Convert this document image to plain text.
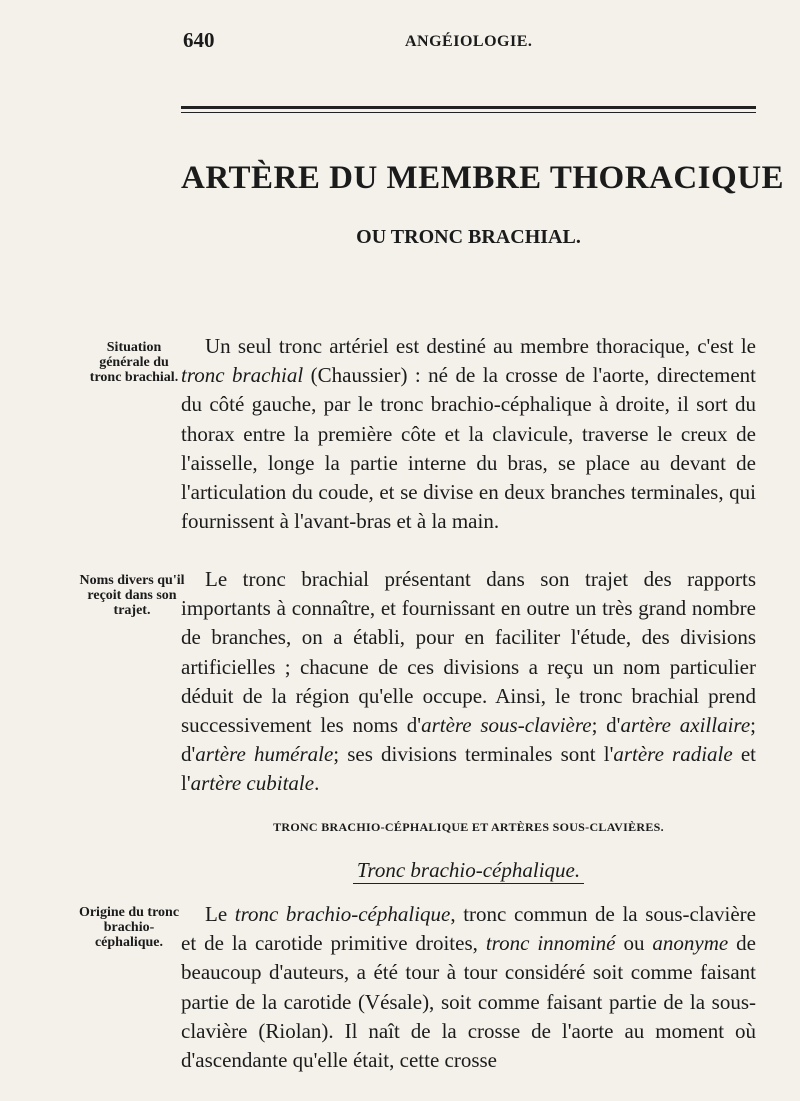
640	ANGÉIOLOGIE.
ARTÈRE DU MEMBRE THORACIQUE
OU TRONC BRACHIAL.
Situation générale du tronc brachial.
Noms divers qu'il reçoit dans son trajet.
Origine du tronc brachio-céphalique.

Un seul tronc artériel est destiné au membre thoracique, c'est le tronc brachial (Chaussier) : né de la crosse de l'aorte, directement du côté gauche, par le tronc brachio-céphalique à droite, il sort du thorax entre la première côte et la clavicule, traverse le creux de l'aisselle, longe la partie interne du bras, se place au devant de l'articulation du coude, et se divise en deux branches terminales, qui fournissent à l'avant-bras et à la main.

Le tronc brachial présentant dans son trajet des rapports importants à connaître, et fournissant en outre un très grand nombre de branches, on a établi, pour en faciliter l'étude, des divisions artificielles ; chacune de ces divisions a reçu un nom particulier déduit de la région qu'elle occupe. Ainsi, le tronc brachial prend successivement les noms d'artère sous-clavière; d'artère axillaire; d'artère humérale; ses divisions terminales sont l'artère radiale et l'artère cubitale.

TRONC BRACHIO-CÉPHALIQUE ET ARTÈRES SOUS-CLAVIÈRES.
Tronc brachio-céphalique.

Le tronc brachio-céphalique, tronc commun de la sous-clavière et de la carotide primitive droites, tronc innominé ou anonyme de beaucoup d'auteurs, a été tour à tour considéré soit comme faisant partie de la carotide (Vésale), soit comme faisant partie de la sous-clavière (Riolan). Il naît de la crosse de l'aorte au moment où d'ascendante qu'elle était, cette crosse
